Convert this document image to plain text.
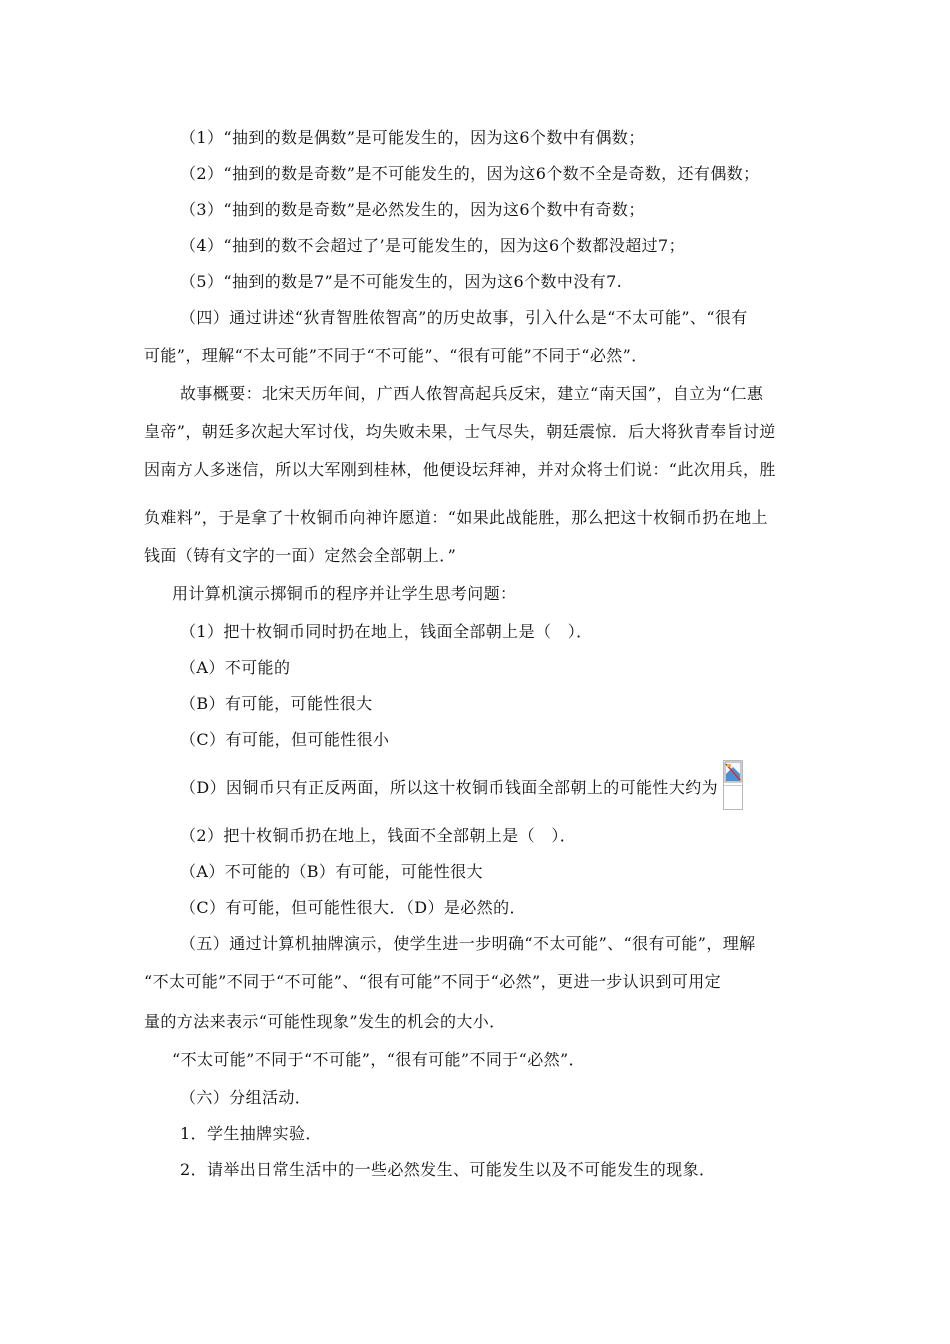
（1）“抽到的数是偶数”是可能发生的，因为这6个数中有偶数；
（2）“抽到的数是奇数”是不可能发生的，因为这6个数不全是奇数，还有偶数；
（3）“抽到的数是奇数”是必然发生的，因为这6个数中有奇数；
（4）“抽到的数不会超过了’是可能发生的，因为这6个数都没超过7；
（5）“抽到的数是7”是不可能发生的，因为这6个数中没有7.
（四）通过讲述“狄青智胜侬智高”的历史故事，引入什么是“不太可能”、“很有
可能”，理解“不太可能”不同于“不可能”、“很有可能”不同于“必然”．
故事概要：北宋天历年间，广西人侬智高起兵反宋，建立“南天国”，自立为“仁惠
皇帝”，朝廷多次起大军讨伐，均失败未果，士气尽失，朝廷震惊．后大将狄青奉旨讨逆
因南方人多迷信，所以大军刚到桂林，他便设坛拜神，并对众将士们说：“此次用兵，胜
负难料”，于是拿了十枚铜币向神许愿道：“如果此战能胜，那么把这十枚铜币扔在地上
钱面（铸有文字的一面）定然会全部朝上．”
用计算机演示掷铜币的程序并让学生思考问题：
（1）把十枚铜币同时扔在地上，钱面全部朝上是（　）．
（A）不可能的
（B）有可能，可能性很大
（C）有可能，但可能性很小
（D）因铜币只有正反两面，所以这十枚铜币钱面全部朝上的可能性大约为
（2）把十枚铜币扔在地上，钱面不全部朝上是（　）．
（A）不可能的（B）有可能，可能性很大
（C）有可能，但可能性很大．（D）是必然的．
（五）通过计算机抽牌演示，使学生进一步明确“不太可能”、“很有可能”，理解
“不太可能”不同于“不可能”、“很有可能”不同于“必然”，更进一步认识到可用定
量的方法来表示“可能性现象”发生的机会的大小．
“不太可能”不同于“不可能”，“很有可能”不同于“必然”．
（六）分组活动．
1．学生抽牌实验．
2．请举出日常生活中的一些必然发生、可能发生以及不可能发生的现象．
